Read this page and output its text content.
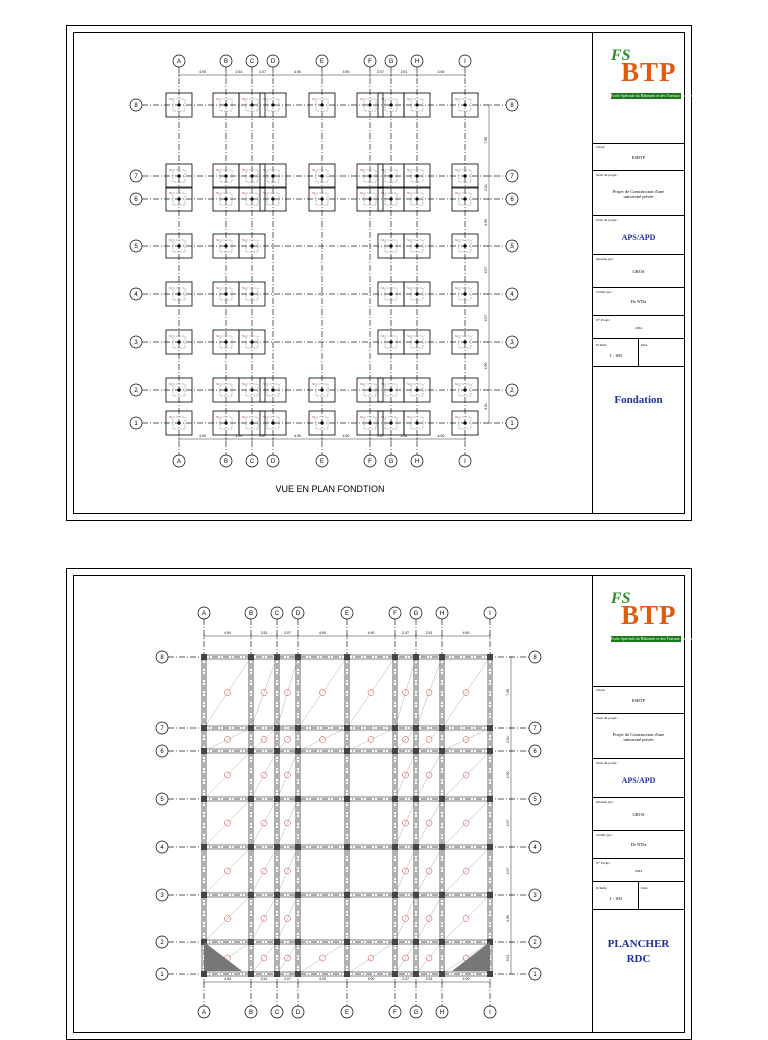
A
A
B
B
C
C
D
D
E
E
F
F
G
G
H
H
I
I
8	8
7	7
6	6
5	5
4	4
3	3
2	2
1	1
4.90	2.51	2.07	4.90	4.90	2.07	2.51	4.90
4.90	2.51	2.07	4.90	4.90	2.07	2.51	4.90
7.98
2.51
4.90
4.07
4.07
4.90
3.51
S1	S1	S1	S1	S1	S1	S1	S1	S1
S1	S1	S1	S1	S1	S1	S1	S1	S1
S1	S1	S1	S1	S1	S1	S1	S1	S1
S1	S1	S1	S1	S1	S1
S1	S1	S1	S1	S1	S1
S1	S1	S1	S1	S1	S1
S1	S1	S1	S1	S1	S1	S1	S1	S1
S1	S1	S1	S1	S1	S1	S1	S1	S1
VUE EN PLAN FONDTION
FS
BTP
Ecole Spéciale du Bâtiment et des Travaux Publics
Client
ESBTP
Nom du projet :
Projet de Construction d'une université privée
Nom du projet :
APS/APD
Dessiné par :
GROS
Vérifié par :
De N'Da
N° Projet :
2024
Echelle
1 : 100
Date
Fondation
A
A
B
B
C
C
D
D
E
E
F
F
G
G
H
H
I
I
8	8
7	7
6	6
5	5
4	4
3	3
2	2
1	1
4.90	2.51	2.07	4.90	4.90	2.07	2.51	4.90
4.90	2.51	2.07	4.90	4.90	2.07	2.51	4.90
7.98
2.51
4.90
4.07
4.07
4.90
3.51
FS
BTP
Ecole Spéciale du Bâtiment et des Travaux Publics
Client
ESBTP
Nom du projet :
Projet de Construction d'une université privée
Nom du projet :
APS/APD
Dessiné par :
GROS
Vérifié par :
De N'Da
N° Projet :
2024
Echelle
1 : 100
Date
PLANCHER
RDC
